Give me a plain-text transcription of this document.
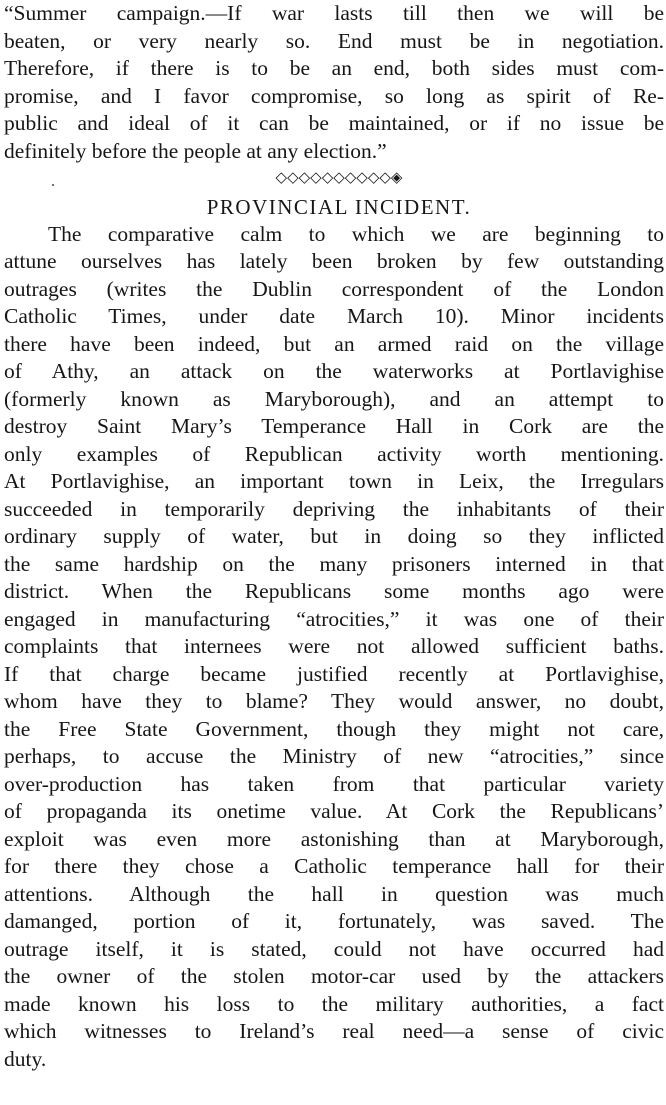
“Summer campaign.—If war lasts till then we will be
beaten, or very nearly so. End must be in negotiation.
Therefore, if there is to be an end, both sides must com-
promise, and I favor compromise, so long as spirit of Re-
public and ideal of it can be maintained, or if no issue be
definitely before the people at any election.”
◇◇◇◇◇◇◇◇◇◇◈
PROVINCIAL INCIDENT.
The comparative calm to which we are beginning to
attune ourselves has lately been broken by few outstanding
outrages (writes the Dublin correspondent of the London
Catholic Times, under date March 10). Minor incidents
there have been indeed, but an armed raid on the village
of Athy, an attack on the waterworks at Portlavighise
(formerly known as Maryborough), and an attempt to
destroy Saint Mary’s Temperance Hall in Cork are the
only examples of Republican activity worth mentioning.
At Portlavighise, an important town in Leix, the Irregulars
succeeded in temporarily depriving the inhabitants of their
ordinary supply of water, but in doing so they inflicted
the same hardship on the many prisoners interned in that
district. When the Republicans some months ago were
engaged in manufacturing “atrocities,” it was one of their
complaints that internees were not allowed sufficient baths.
If that charge became justified recently at Portlavighise,
whom have they to blame? They would answer, no doubt,
the Free State Government, though they might not care,
perhaps, to accuse the Ministry of new “atrocities,” since
over-production has taken from that particular variety
of propaganda its onetime value. At Cork the Republicans’
exploit was even more astonishing than at Maryborough,
for there they chose a Catholic temperance hall for their
attentions. Although the hall in question was much
damanged, portion of it, fortunately, was saved. The
outrage itself, it is stated, could not have occurred had
the owner of the stolen motor-car used by the attackers
made known his loss to the military authorities, a fact
which witnesses to Ireland’s real need—a sense of civic
duty.
